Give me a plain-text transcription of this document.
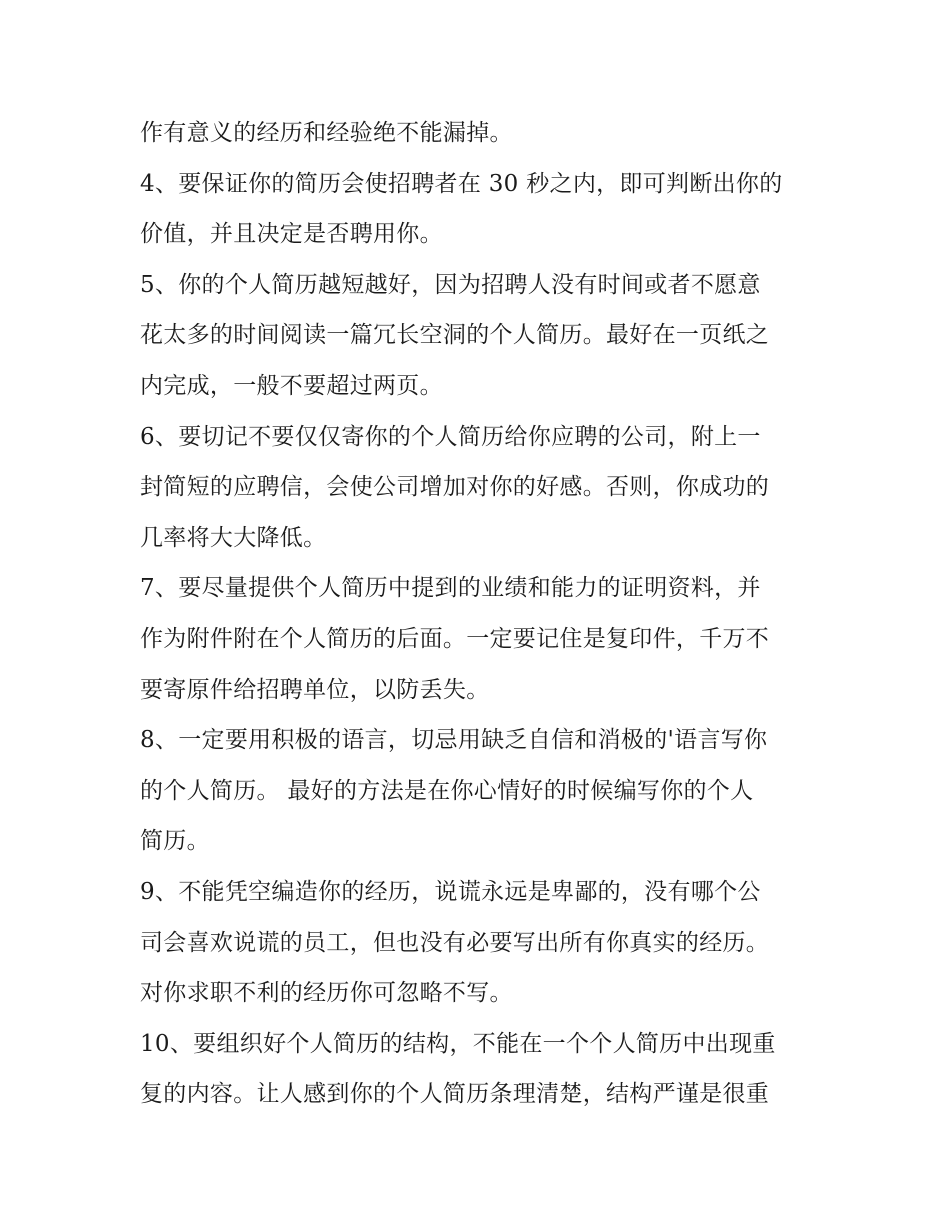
作有意义的经历和经验绝不能漏掉。
4、要保证你的简历会使招聘者在 30 秒之内，即可判断出你的
价值，并且决定是否聘用你。
5、你的个人简历越短越好，因为招聘人没有时间或者不愿意
花太多的时间阅读一篇冗长空洞的个人简历。最好在一页纸之
内完成，一般不要超过两页。
6、要切记不要仅仅寄你的个人简历给你应聘的公司，附上一
封简短的应聘信，会使公司增加对你的好感。否则，你成功的
几率将大大降低。
7、要尽量提供个人简历中提到的业绩和能力的证明资料，并
作为附件附在个人简历的后面。一定要记住是复印件，千万不
要寄原件给招聘单位，以防丢失。
8、一定要用积极的语言，切忌用缺乏自信和消极的'语言写你
的个人简历。 最好的方法是在你心情好的时候编写你的个人
简历。
9、不能凭空编造你的经历，说谎永远是卑鄙的，没有哪个公
司会喜欢说谎的员工，但也没有必要写出所有你真实的经历。
对你求职不利的经历你可忽略不写。
10、要组织好个人简历的结构，不能在一个个人简历中出现重
复的内容。让人感到你的个人简历条理清楚，结构严谨是很重
